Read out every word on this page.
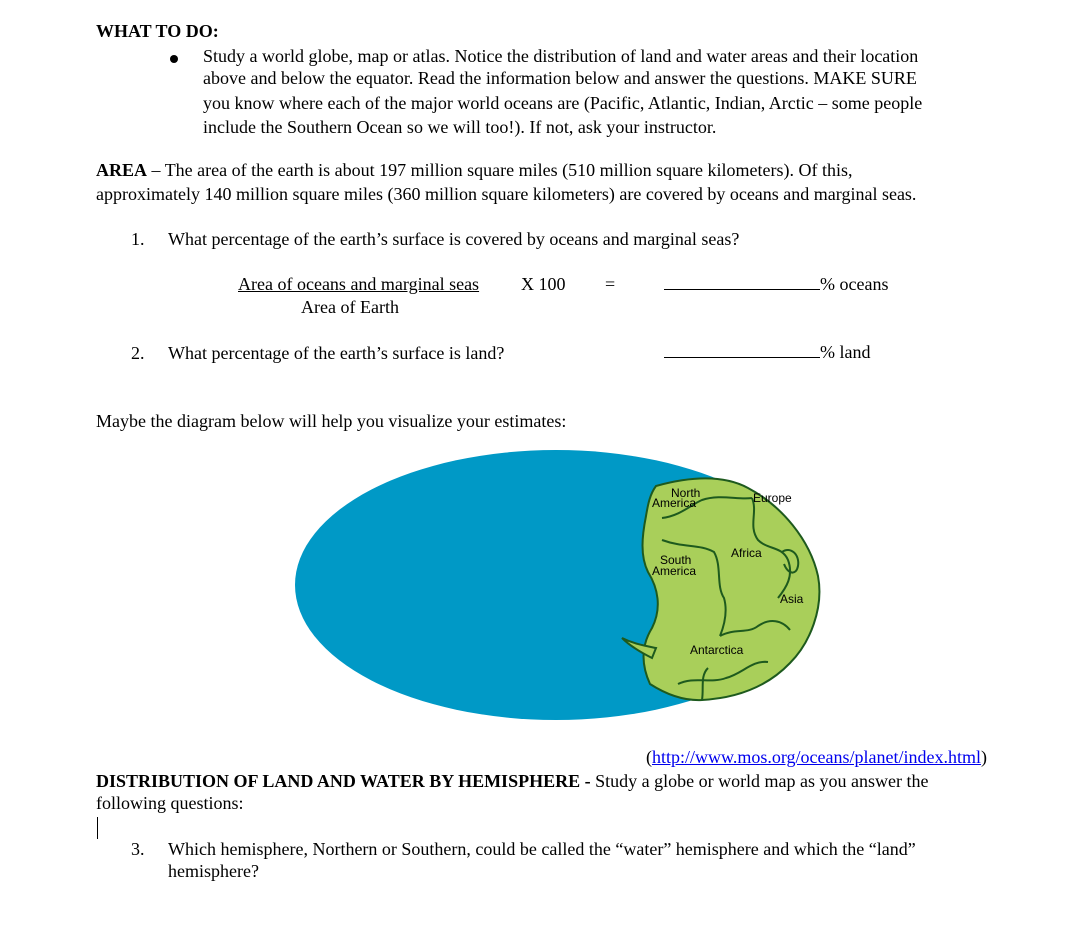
WHAT TO DO:
Study a world globe, map or atlas. Notice the distribution of land and water areas and their location
above and below the equator. Read the information below and answer the questions. MAKE SURE
you know where each of the major world oceans are (Pacific, Atlantic, Indian, Arctic – some people
include the Southern Ocean so we will too!). If not, ask your instructor.
AREA – The area of the earth is about 197 million square miles (510 million square kilometers). Of this,
approximately 140 million square miles (360 million square kilometers) are covered by oceans and marginal seas.
1. What percentage of the earth’s surface is covered by oceans and marginal seas?
Area of oceans and marginal seas X 100
Area of Earth
=	% oceans
2. What percentage of the earth’s surface is land?	% land
Maybe the diagram below will help you visualize your estimates:
North
America	Europe
South
America
Africa
Asia
Antarctica
(http://www.mos.org/oceans/planet/index.html)
DISTRIBUTION OF LAND AND WATER BY HEMISPHERE - Study a globe or world map as you answer the
following questions:
3. Which hemisphere, Northern or Southern, could be called the “water” hemisphere and which the “land”
hemisphere?
